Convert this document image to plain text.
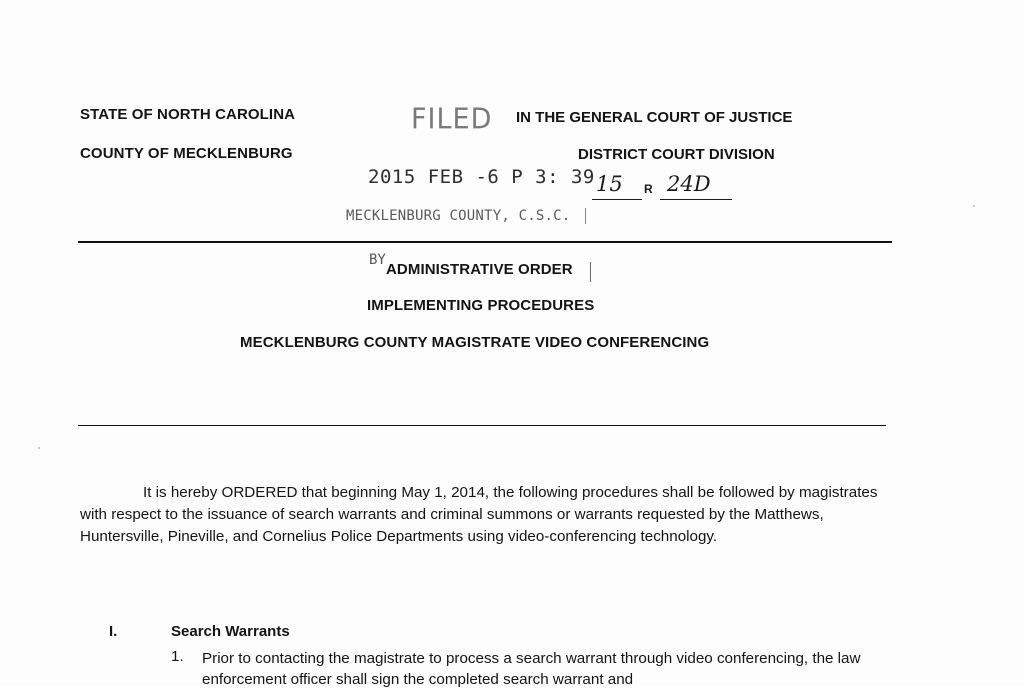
STATE OF NORTH CAROLINA
COUNTY OF MECKLENBURG
FILED IN THE GENERAL COURT OF JUSTICE
DISTRICT COURT DIVISION
2015 FEB -6 P 3: 39 15 R 24D
MECKLENBURG COUNTY, C.S.C.
BY
ADMINISTRATIVE ORDER
IMPLEMENTING PROCEDURES
MECKLENBURG COUNTY MAGISTRATE VIDEO CONFERENCING

It is hereby ORDERED that beginning May 1, 2014, the following procedures shall be followed by magistrates with respect to the issuance of search warrants and criminal summons or warrants requested by the Matthews, Huntersville, Pineville, and Cornelius Police Departments using video-conferencing technology.

I.	Search Warrants
1. Prior to contacting the magistrate to process a search warrant through video conferencing, the law enforcement officer shall sign the completed search warrant and
